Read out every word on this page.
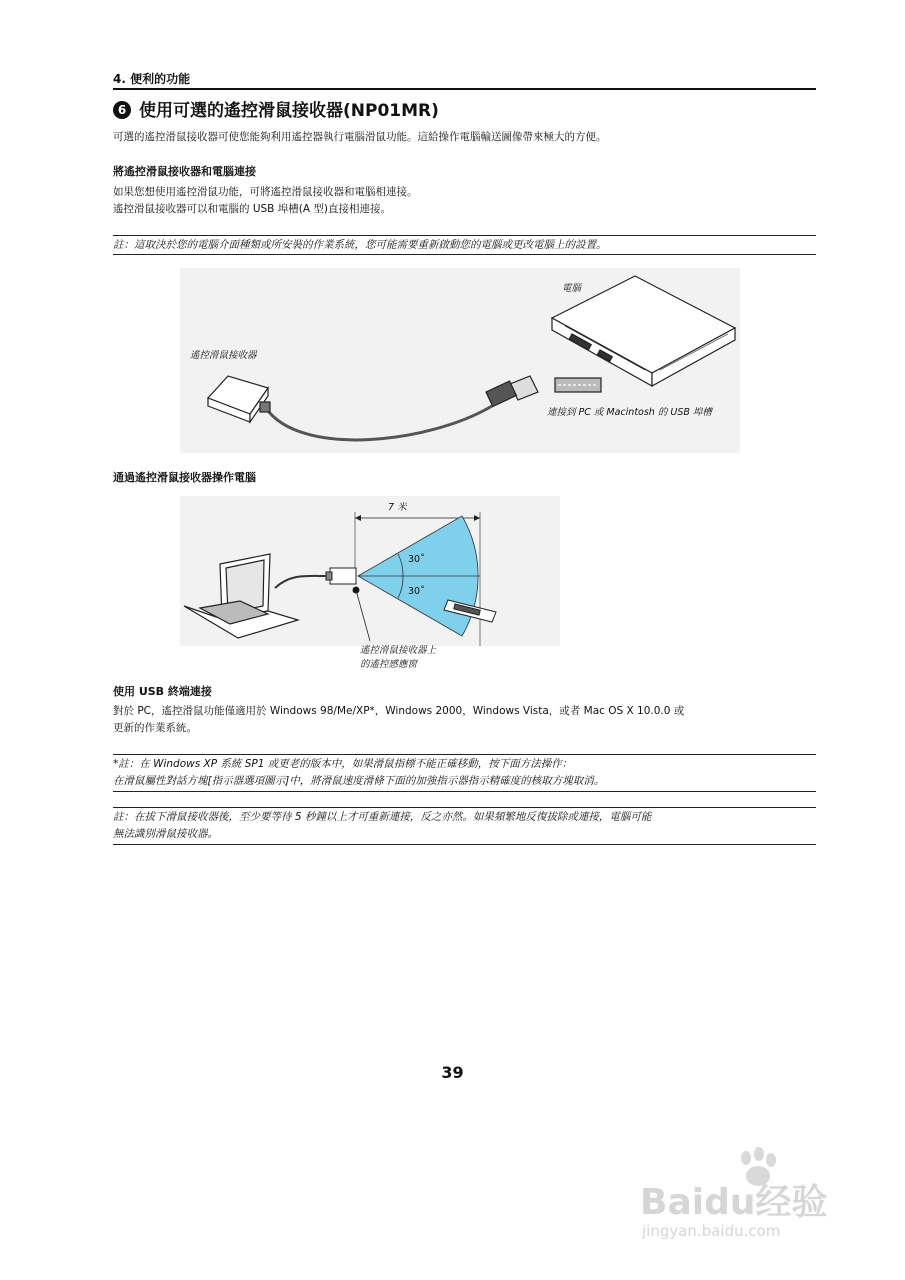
4. 便利的功能
6 使用可選的遙控滑鼠接收器(NP01MR)
可選的遙控滑鼠接收器可使您能夠利用遙控器執行電腦滑鼠功能。這給操作電腦輸送圖像帶來極大的方便。
將遙控滑鼠接收器和電腦連接
如果您想使用遙控滑鼠功能，可將遙控滑鼠接收器和電腦相連接。
遙控滑鼠接收器可以和電腦的 USB 埠槽(A 型)直接相連接。
註：這取決於您的電腦介面種類或所安裝的作業系統，您可能需要重新啟動您的電腦或更改電腦上的設置。
電腦
遙控滑鼠接收器
連接到 PC 或 Macintosh 的 USB 埠槽
通過遙控滑鼠接收器操作電腦
7 米
30˚
30˚
遙控滑鼠接收器上
的遙控感應窗
使用 USB 終端連接
對於 PC，遙控滑鼠功能僅適用於 Windows 98/Me/XP*，Windows 2000，Windows Vista，或者 Mac OS X 10.0.0 或
更新的作業系統。
*註：在 Windows XP 系統 SP1 或更老的版本中，如果滑鼠指標不能正確移動，按下面方法操作：
在滑鼠屬性對話方塊[指示器選項圖示]中，將滑鼠速度滑條下面的加強指示器指示精確度的核取方塊取消。
註：在拔下滑鼠接收器後，至少要等待 5 秒鐘以上才可重新連接，反之亦然。如果頻繁地反復拔除或連接，電腦可能
無法識別滑鼠接收器。
39
Baidu经验
jingyan.baidu.com
